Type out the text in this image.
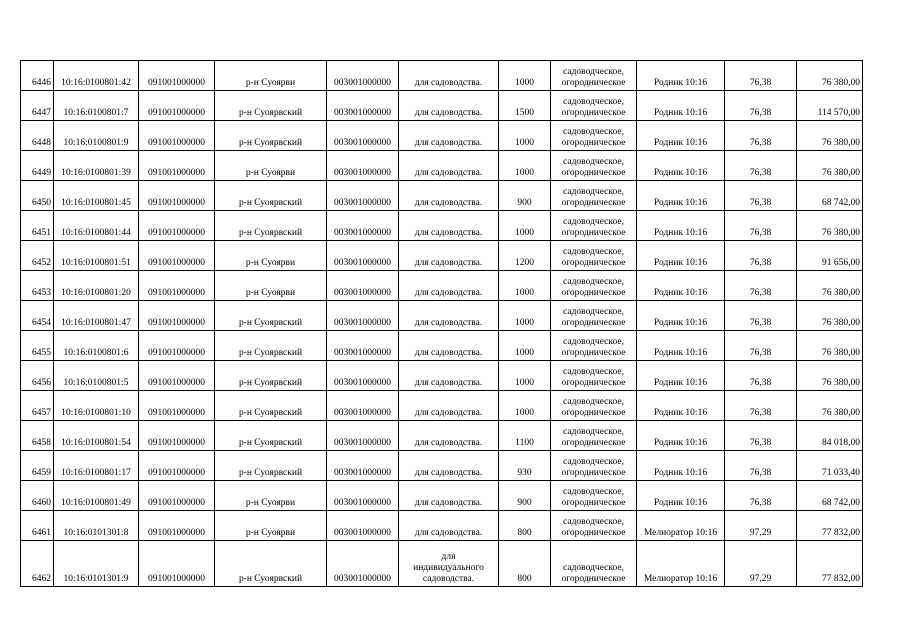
6446	10:16:0100801:42	091001000000	р-н Суоярви	003001000000	для садоводства.	1000	садоводческое,
огородническое	Родник 10:16	76,38	76 380,00
6447	10:16:0100801:7	091001000000	р-н Суоярвский	003001000000	для садоводства.	1500	садоводческое,
огородническое	Родник 10:16	76,38	114 570,00
6448	10:16:0100801:9	091001000000	р-н Суоярвский	003001000000	для садоводства.	1000	садоводческое,
огородническое	Родник 10:16	76,38	76 380,00
6449	10:16:0100801:39	091001000000	р-н Суоярви	003001000000	для садоводства.	1000	садоводческое,
огородническое	Родник 10:16	76,38	76 380,00
6450	10:16:0100801:45	091001000000	р-н Суоярвский	003001000000	для садоводства.	900	садоводческое,
огородническое	Родник 10:16	76,38	68 742,00
6451	10:16:0100801:44	091001000000	р-н Суоярвский	003001000000	для садоводства.	1000	садоводческое,
огородническое	Родник 10:16	76,38	76 380,00
6452	10:16:0100801:51	091001000000	р-н Суоярви	003001000000	для садоводства.	1200	садоводческое,
огородническое	Родник 10:16	76,38	91 656,00
6453	10:16:0100801:20	091001000000	р-н Суоярви	003001000000	для садоводства.	1000	садоводческое,
огородническое	Родник 10:16	76,38	76 380,00
6454	10:16:0100801:47	091001000000	р-н Суоярвский	003001000000	для садоводства.	1000	садоводческое,
огородническое	Родник 10:16	76,38	76 380,00
6455	10:16:0100801:6	091001000000	р-н Суоярвский	003001000000	для садоводства.	1000	садоводческое,
огородническое	Родник 10:16	76,38	76 380,00
6456	10:16:0100801:5	091001000000	р-н Суоярвский	003001000000	для садоводства.	1000	садоводческое,
огородническое	Родник 10:16	76,38	76 380,00
6457	10:16:0100801:10	091001000000	р-н Суоярвский	003001000000	для садоводства.	1000	садоводческое,
огородническое	Родник 10:16	76,38	76 380,00
6458	10:16:0100801:54	091001000000	р-н Суоярвский	003001000000	для садоводства.	1100	садоводческое,
огородническое	Родник 10:16	76,38	84 018,00
6459	10:16:0100801:17	091001000000	р-н Суоярвский	003001000000	для садоводства.	930	садоводческое,
огородническое	Родник 10:16	76,38	71 033,40
6460	10:16:0100801:49	091001000000	р-н Суоярви	003001000000	для садоводства.	900	садоводческое,
огородническое	Родник 10:16	76,38	68 742,00
6461	10:16:0101301:8	091001000000	р-н Суоярви	003001000000	для садоводства.	800	садоводческое,
огородническое	Мелиоратор 10:16	97,29	77 832,00
6462	10:16:0101301:9	091001000000	р-н Суоярвский	003001000000	для
индивидуального
садоводства.	800	садоводческое,
огородническое	Мелиоратор 10:16	97,29	77 832,00
